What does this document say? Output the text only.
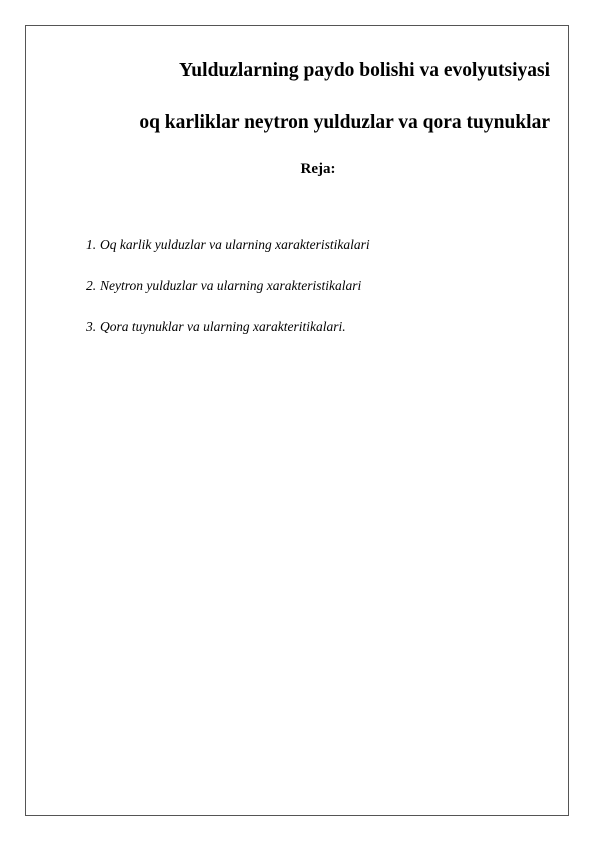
Yulduzlarning paydo bolishi va evolyutsiyasi
oq karliklar neytron yulduzlar va qora tuynuklar
Reja:
1. Oq karlik yulduzlar va ularning xarakteristikalari
2. Neytron yulduzlar va ularning xarakteristikalari
3. Qora tuynuklar va ularning xarakteritikalari.
